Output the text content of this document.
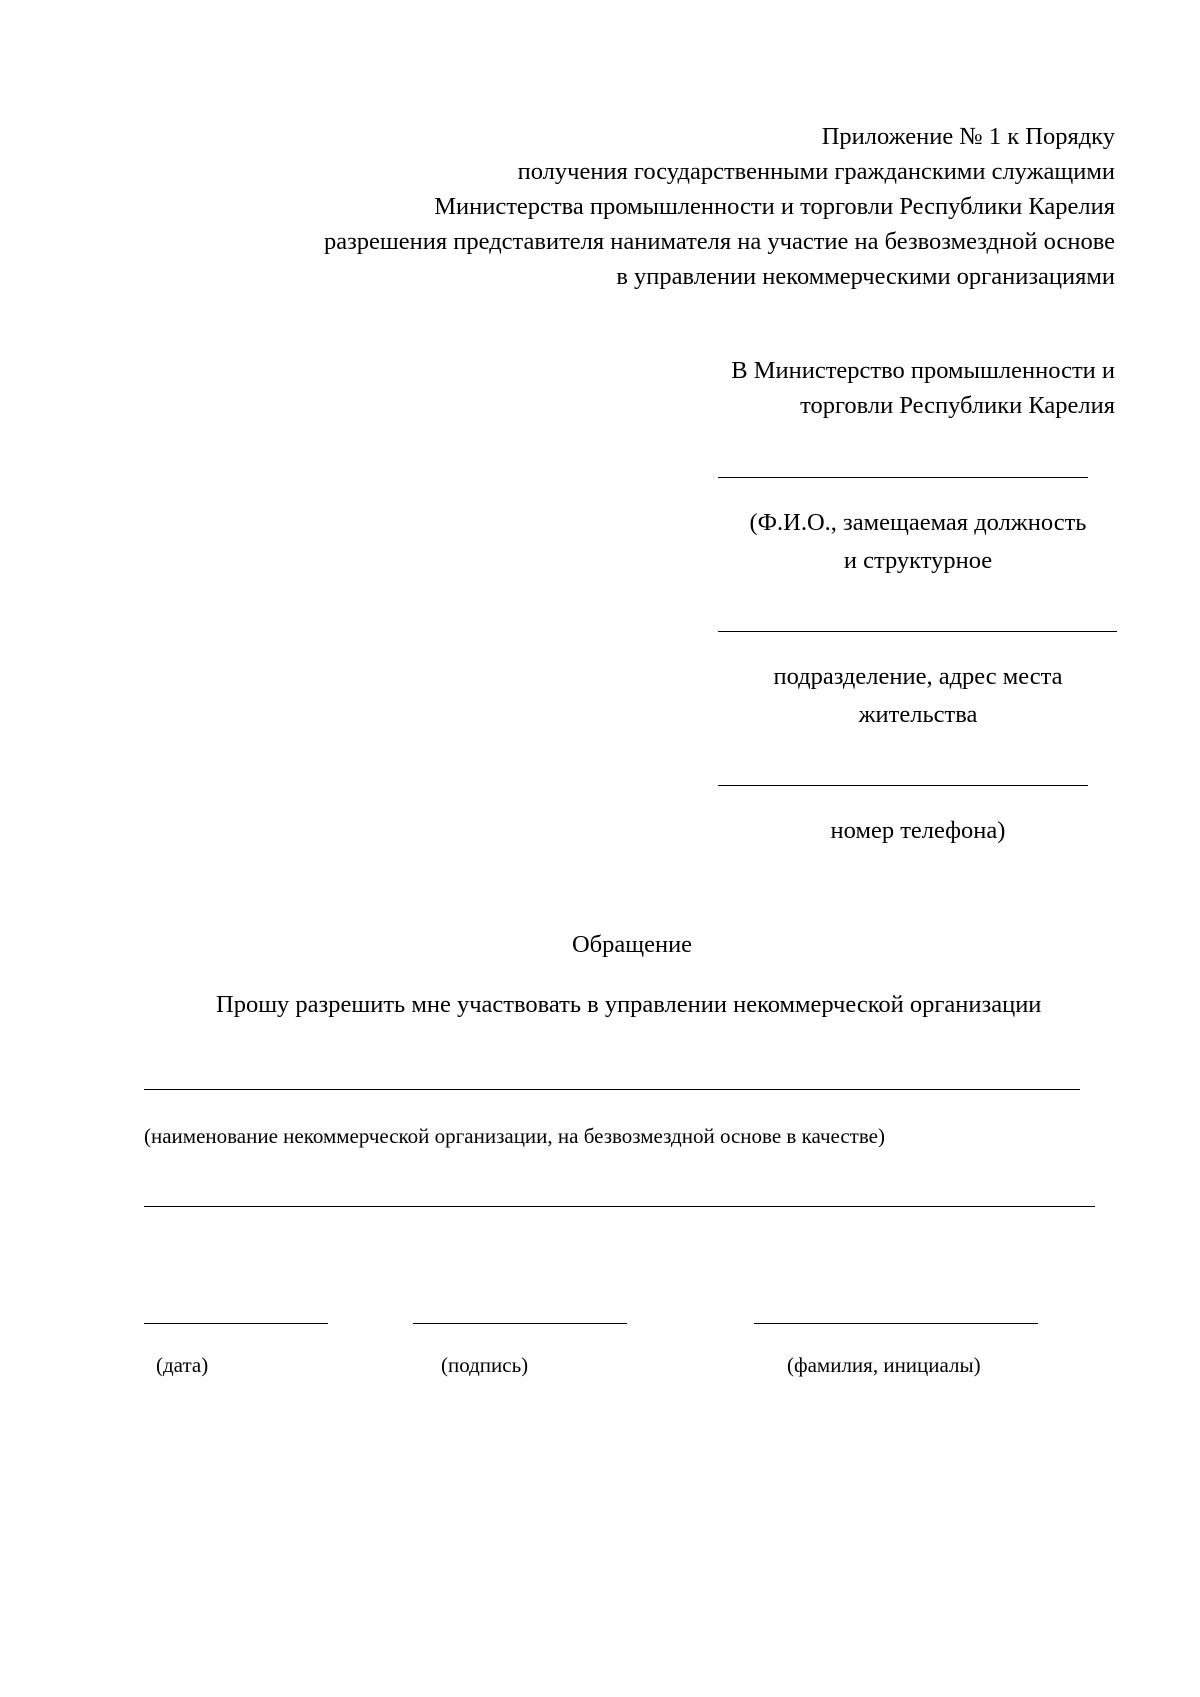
Приложение № 1 к Порядку
получения государственными гражданскими служащими
Министерства промышленности и торговли Республики Карелия
разрешения представителя нанимателя на участие на безвозмездной основе
в управлении некоммерческими организациями
В Министерство промышленности и
торговли Республики Карелия
(Ф.И.О., замещаемая должность
и структурное
подразделение, адрес места
жительства
номер телефона)
Обращение
Прошу разрешить мне участвовать в управлении некоммерческой организации
(наименование некоммерческой организации, на безвозмездной основе в качестве)
(дата)	(подпись)	(фамилия, инициалы)
